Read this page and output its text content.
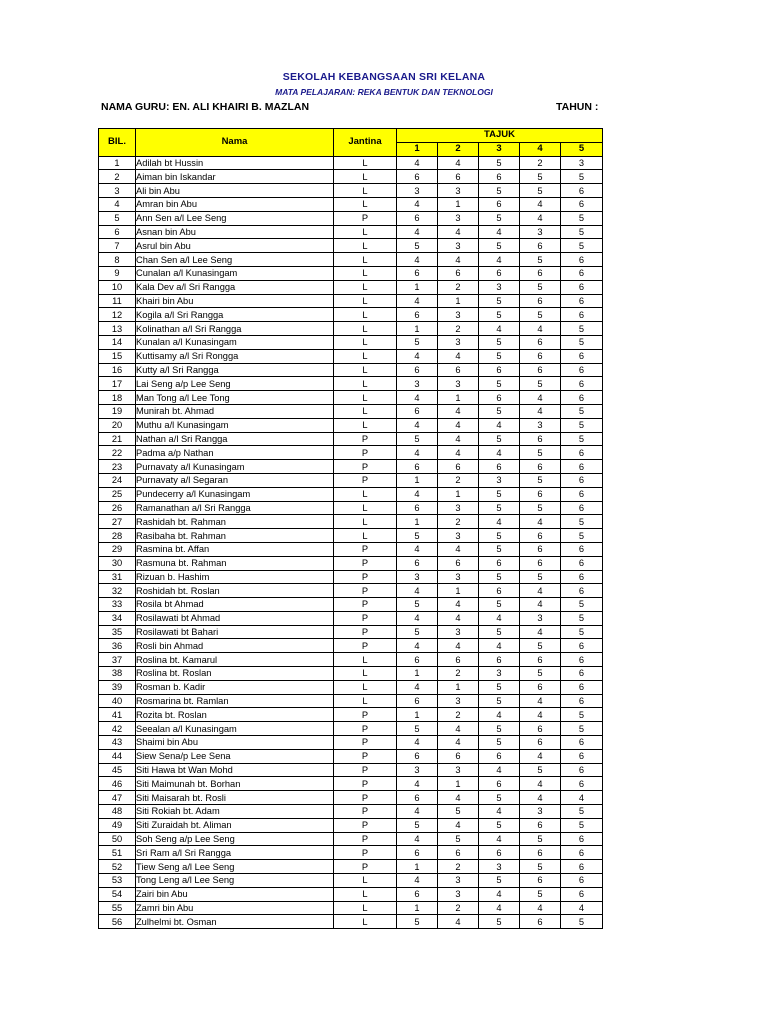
SEKOLAH KEBANGSAAN SRI KELANA
MATA PELAJARAN: REKA BENTUK DAN TEKNOLOGI
NAMA GURU: EN. ALI KHAIRI B. MAZLAN	TAHUN :
BIL.	Nama	Jantina	TAJUK				
			1	2	3	4	5
1	Adilah bt Hussin	L	4	4	5	2	3
2	Aiman bin Iskandar	L	6	6	6	5	5
3	Ali bin Abu	L	3	3	5	5	6
4	Amran bin Abu	L	4	1	6	4	6
5	Ann Sen a/l Lee Seng	P	6	3	5	4	5
6	Asnan bin Abu	L	4	4	4	3	5
7	Asrul bin Abu	L	5	3	5	6	5
8	Chan Sen a/l Lee Seng	L	4	4	4	5	6
9	Cunalan a/l Kunasingam	L	6	6	6	6	6
10	Kala Dev a/l Sri Rangga	L	1	2	3	5	6
11	Khairi bin Abu	L	4	1	5	6	6
12	Kogila a/l Sri Rangga	L	6	3	5	5	6
13	Kolinathan a/l Sri Rangga	L	1	2	4	4	5
14	Kunalan a/l Kunasingam	L	5	3	5	6	5
15	Kuttisamy a/l Sri Rongga	L	4	4	5	6	6
16	Kutty a/l Sri Rangga	L	6	6	6	6	6
17	Lai Seng a/p Lee Seng	L	3	3	5	5	6
18	Man Tong a/l Lee Tong	L	4	1	6	4	6
19	Munirah bt. Ahmad	L	6	4	5	4	5
20	Muthu a/l Kunasingam	L	4	4	4	3	5
21	Nathan a/l Sri Rangga	P	5	4	5	6	5
22	Padma a/p Nathan	P	4	4	4	5	6
23	Purnavaty a/l Kunasingam	P	6	6	6	6	6
24	Purnavaty a/l Segaran	P	1	2	3	5	6
25	Pundecerry a/l Kunasingam	L	4	1	5	6	6
26	Ramanathan a/l Sri Rangga	L	6	3	5	5	6
27	Rashidah bt. Rahman	L	1	2	4	4	5
28	Rasibaha bt. Rahman	L	5	3	5	6	5
29	Rasmina bt. Affan	P	4	4	5	6	6
30	Rasmuna bt. Rahman	P	6	6	6	6	6
31	Rizuan b. Hashim	P	3	3	5	5	6
32	Roshidah bt. Roslan	P	4	1	6	4	6
33	Rosila bt Ahmad	P	5	4	5	4	5
34	Rosilawati bt Ahmad	P	4	4	4	3	5
35	Rosilawati bt Bahari	P	5	3	5	4	5
36	Rosli bin Ahmad	P	4	4	4	5	6
37	Roslina bt. Kamarul	L	6	6	6	6	6
38	Roslina bt. Roslan	L	1	2	3	5	6
39	Rosman b. Kadir	L	4	1	5	6	6
40	Rosmarina bt. Ramlan	L	6	3	5	4	6
41	Rozita bt. Roslan	P	1	2	4	4	5
42	Seealan a/l Kunasingam	P	5	4	5	6	5
43	Shaimi bin Abu	P	4	4	5	6	6
44	Siew Sena/p Lee Sena	P	6	6	6	4	6
45	Siti Hawa bt Wan Mohd	P	3	3	4	5	6
46	Siti Maimunah bt. Borhan	P	4	1	6	4	6
47	Siti Maisarah bt. Rosli	P	6	4	5	4	4
48	Siti Rokiah bt. Adam	P	4	5	4	3	5
49	Siti Zuraidah bt. Aliman	P	5	4	5	6	5
50	Soh Seng a/p Lee Seng	P	4	5	4	5	6
51	Sri Ram a/l Sri Rangga	P	6	6	6	6	6
52	Tiew Seng a/l Lee Seng	P	1	2	3	5	6
53	Tong Leng a/l Lee Seng	L	4	3	5	6	6
54	Zairi bin Abu	L	6	3	4	5	6
55	Zamri bin Abu	L	1	2	4	4	4
56	Zulhelmi bt. Osman	L	5	4	5	6	5
